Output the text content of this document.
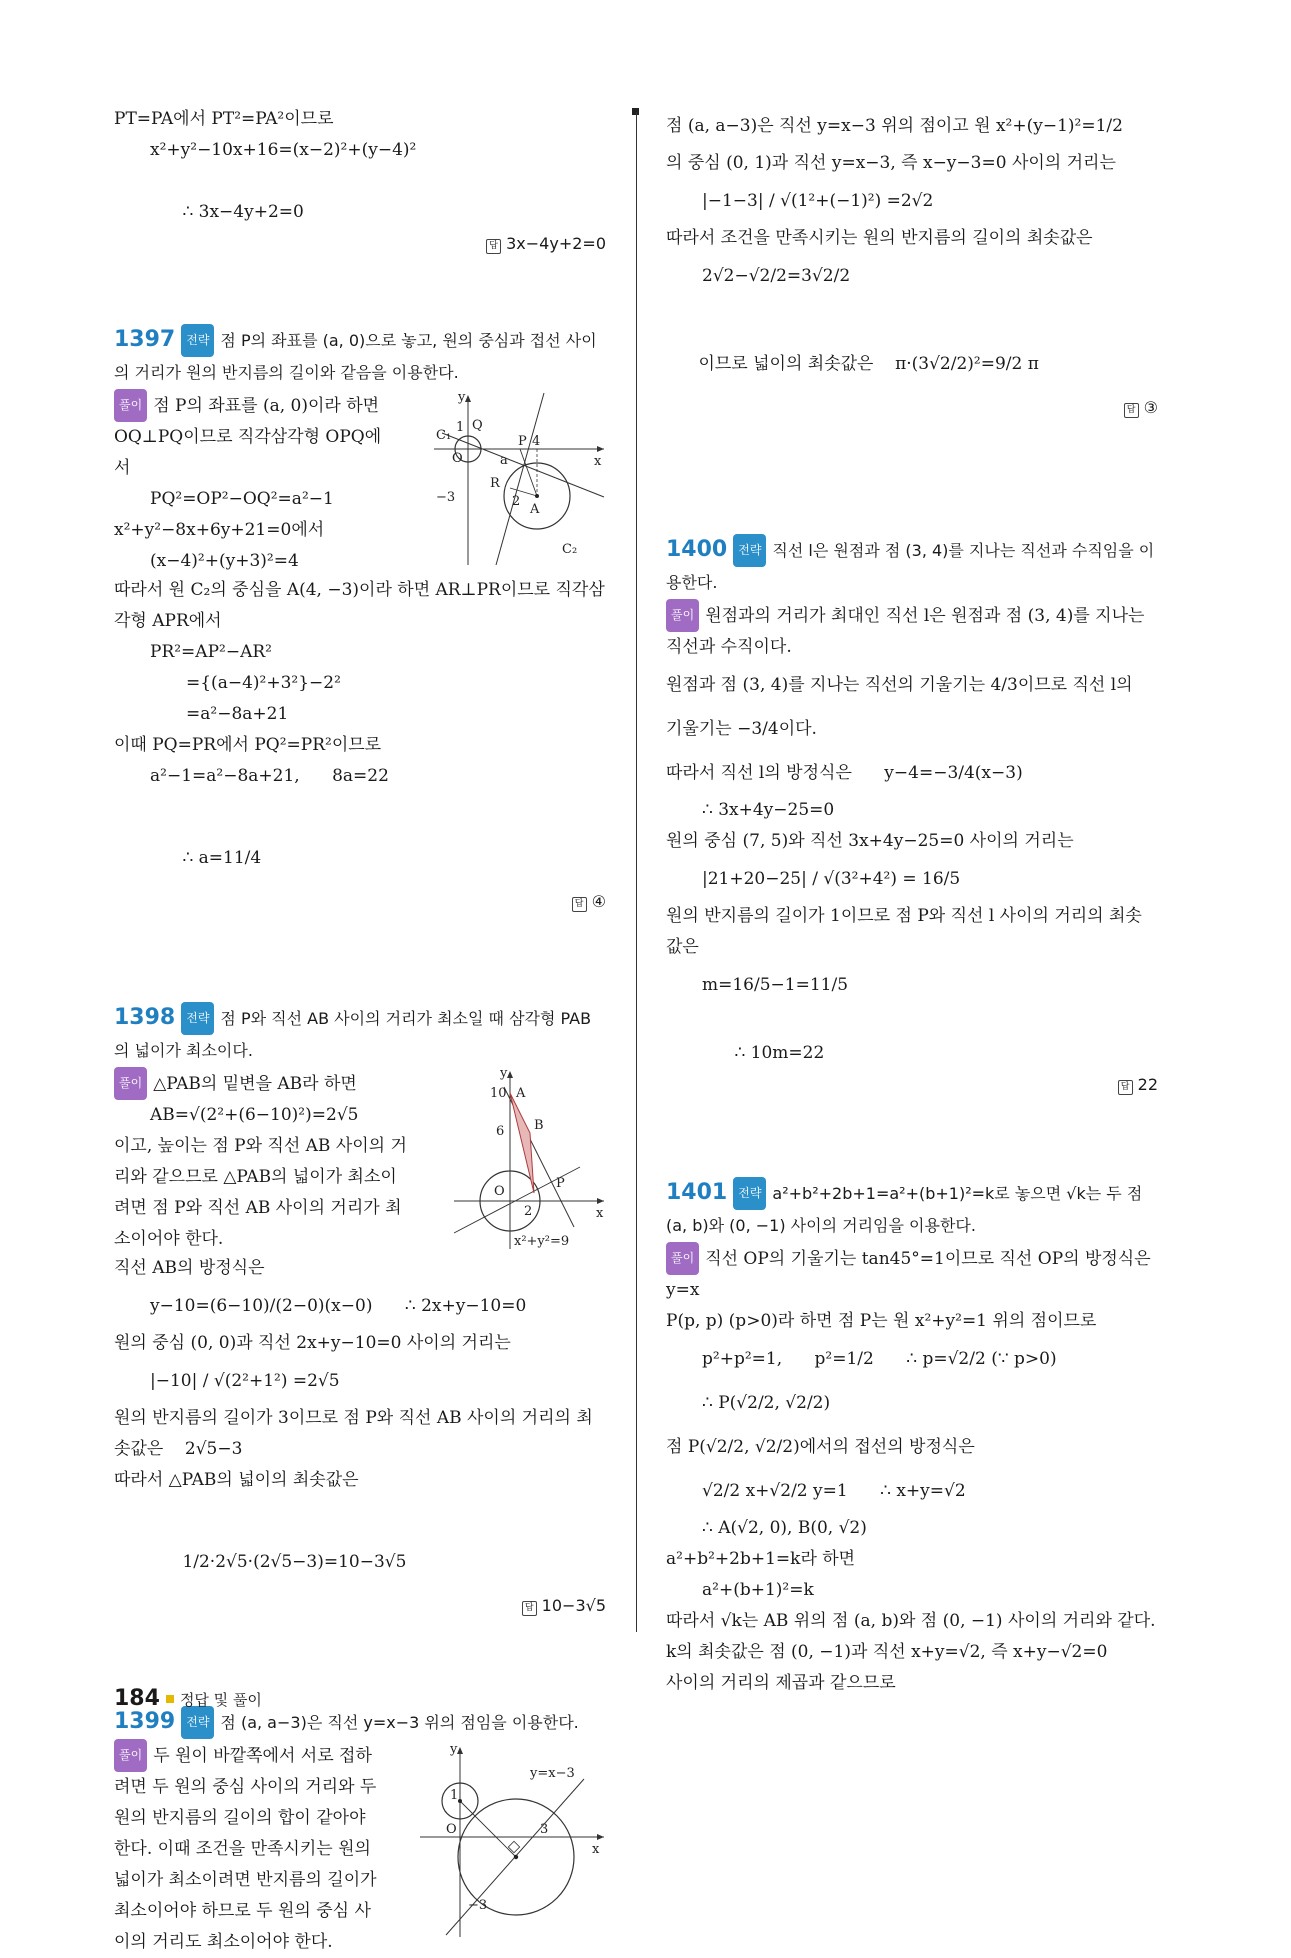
PT=PA에서 PT²=PA²이므로
x²+y²−10x+16=(x−2)²+(y−4)²

∴ 3x−4y+2=0

답 3x−4y+2=0

1397 전략 점 P의 좌표를 (a, 0)으로 놓고, 원의 중심과 접선 사이의 거리가 원의 반지름의 길이와 같음을 이용한다.
풀이 점 P의 좌표를 (a, 0)이라 하면
OQ⊥PQ이므로 직각삼각형 OPQ에
서
PQ²=OP²−OQ²=a²−1
x²+y²−8x+6y+21=0에서
(x−4)²+(y+3)²=4
C₁
1 Q
O
P 4
a
R
2
A
−3
C₂
x
y
따라서 원 C₂의 중심을 A(4, −3)이라 하면 AR⊥PR이므로 직각삼각형 APR에서
PR²=AP²−AR²
={(a−4)²+3²}−2²
=a²−8a+21
이때 PQ=PR에서 PQ²=PR²이므로
a²−1=a²−8a+21,      8a=22

∴ a=11/4

답 ④

1398 전략 점 P와 직선 AB 사이의 거리가 최소일 때 삼각형 PAB의 넓이가 최소이다.
풀이 △PAB의 밑변을 AB라 하면
AB=√(2²+(6−10)²)=2√5
이고, 높이는 점 P와 직선 AB 사이의 거
리와 같으므로 △PAB의 넓이가 최소이
려면 점 P와 직선 AB 사이의 거리가 최
소이어야 한다.
10 A
6 B
O
P
2
x²+y²=9
x
y
직선 AB의 방정식은
y−10=(6−10)/(2−0)(x−0)      ∴ 2x+y−10=0
원의 중심 (0, 0)과 직선 2x+y−10=0 사이의 거리는
|−10| / √(2²+1²) =2√5
원의 반지름의 길이가 3이므로 점 P와 직선 AB 사이의 거리의 최솟값은    2√5−3
따라서 △PAB의 넓이의 최솟값은

1/2·2√5·(2√5−3)=10−3√5

답 10−3√5

1399 전략 점 (a, a−3)은 직선 y=x−3 위의 점임을 이용한다.
풀이 두 원이 바깥쪽에서 서로 접하
려면 두 원의 중심 사이의 거리와 두
원의 반지름의 길이의 합이 같아야
한다. 이때 조건을 만족시키는 원의
넓이가 최소이려면 반지름의 길이가
최소이어야 하므로 두 원의 중심 사
이의 거리도 최소이어야 한다.
y=x−3
1
O	3
−3
x
y
점 (a, a−3)은 직선 y=x−3 위의 점이고 원 x²+(y−1)²=1/2
의 중심 (0, 1)과 직선 y=x−3, 즉 x−y−3=0 사이의 거리는
|−1−3| / √(1²+(−1)²) =2√2
따라서 조건을 만족시키는 원의 반지름의 길이의 최솟값은
2√2−√2/2=3√2/2

이므로 넓이의 최솟값은    π·(3√2/2)²=9/2 π

답 ③

1400 전략 직선 l은 원점과 점 (3, 4)를 지나는 직선과 수직임을 이용한다.
풀이 원점과의 거리가 최대인 직선 l은 원점과 점 (3, 4)를 지나는 직선과 수직이다.
원점과 점 (3, 4)를 지나는 직선의 기울기는 4/3이므로 직선 l의
기울기는 −3/4이다.
따라서 직선 l의 방정식은      y−4=−3/4(x−3)
∴ 3x+4y−25=0
원의 중심 (7, 5)와 직선 3x+4y−25=0 사이의 거리는
|21+20−25| / √(3²+4²) = 16/5
원의 반지름의 길이가 1이므로 점 P와 직선 l 사이의 거리의 최솟값은
m=16/5−1=11/5

∴ 10m=22

답 22

1401 전략 a²+b²+2b+1=a²+(b+1)²=k로 놓으면 √k는 두 점 (a, b)와 (0, −1) 사이의 거리임을 이용한다.
풀이 직선 OP의 기울기는 tan45°=1이므로 직선 OP의 방정식은      y=x
P(p, p) (p>0)라 하면 점 P는 원 x²+y²=1 위의 점이므로
p²+p²=1,      p²=1/2      ∴ p=√2/2 (∵ p>0)
∴ P(√2/2, √2/2)
점 P(√2/2, √2/2)에서의 접선의 방정식은
√2/2 x+√2/2 y=1      ∴ x+y=√2
∴ A(√2, 0), B(0, √2)
a²+b²+2b+1=k라 하면
a²+(b+1)²=k
따라서 √k는 AB 위의 점 (a, b)와 점 (0, −1) 사이의 거리와 같다.
k의 최솟값은 점 (0, −1)과 직선 x+y=√2, 즉 x+y−√2=0
사이의 거리의 제곱과 같으므로
184 정답 및 풀이
